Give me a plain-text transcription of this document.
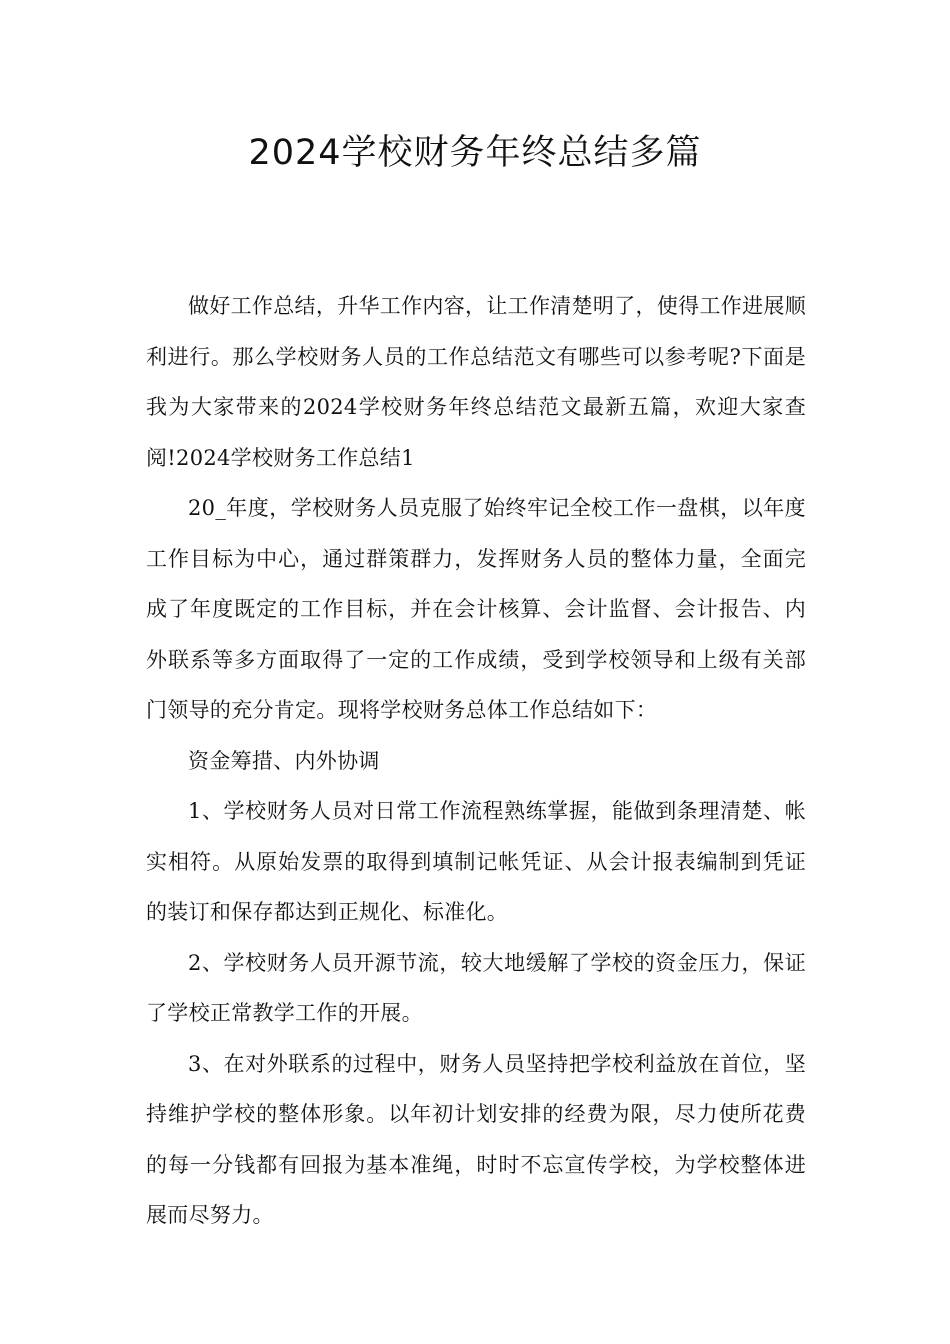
2024学校财务年终总结多篇

做好工作总结，升华工作内容，让工作清楚明了，使得工作进展顺利进行。那么学校财务人员的工作总结范文有哪些可以参考呢?下面是我为大家带来的2024学校财务年终总结范文最新五篇，欢迎大家查阅!2024学校财务工作总结1

20_年度，学校财务人员克服了始终牢记全校工作一盘棋，以年度工作目标为中心，通过群策群力，发挥财务人员的整体力量，全面完成了年度既定的工作目标，并在会计核算、会计监督、会计报告、内外联系等多方面取得了一定的工作成绩，受到学校领导和上级有关部门领导的充分肯定。现将学校财务总体工作总结如下：

资金筹措、内外协调

1、学校财务人员对日常工作流程熟练掌握，能做到条理清楚、帐实相符。从原始发票的取得到填制记帐凭证、从会计报表编制到凭证的装订和保存都达到正规化、标准化。

2、学校财务人员开源节流，较大地缓解了学校的资金压力，保证了学校正常教学工作的开展。

3、在对外联系的过程中，财务人员坚持把学校利益放在首位，坚持维护学校的整体形象。以年初计划安排的经费为限，尽力使所花费的每一分钱都有回报为基本准绳，时时不忘宣传学校，为学校整体进展而尽努力。
